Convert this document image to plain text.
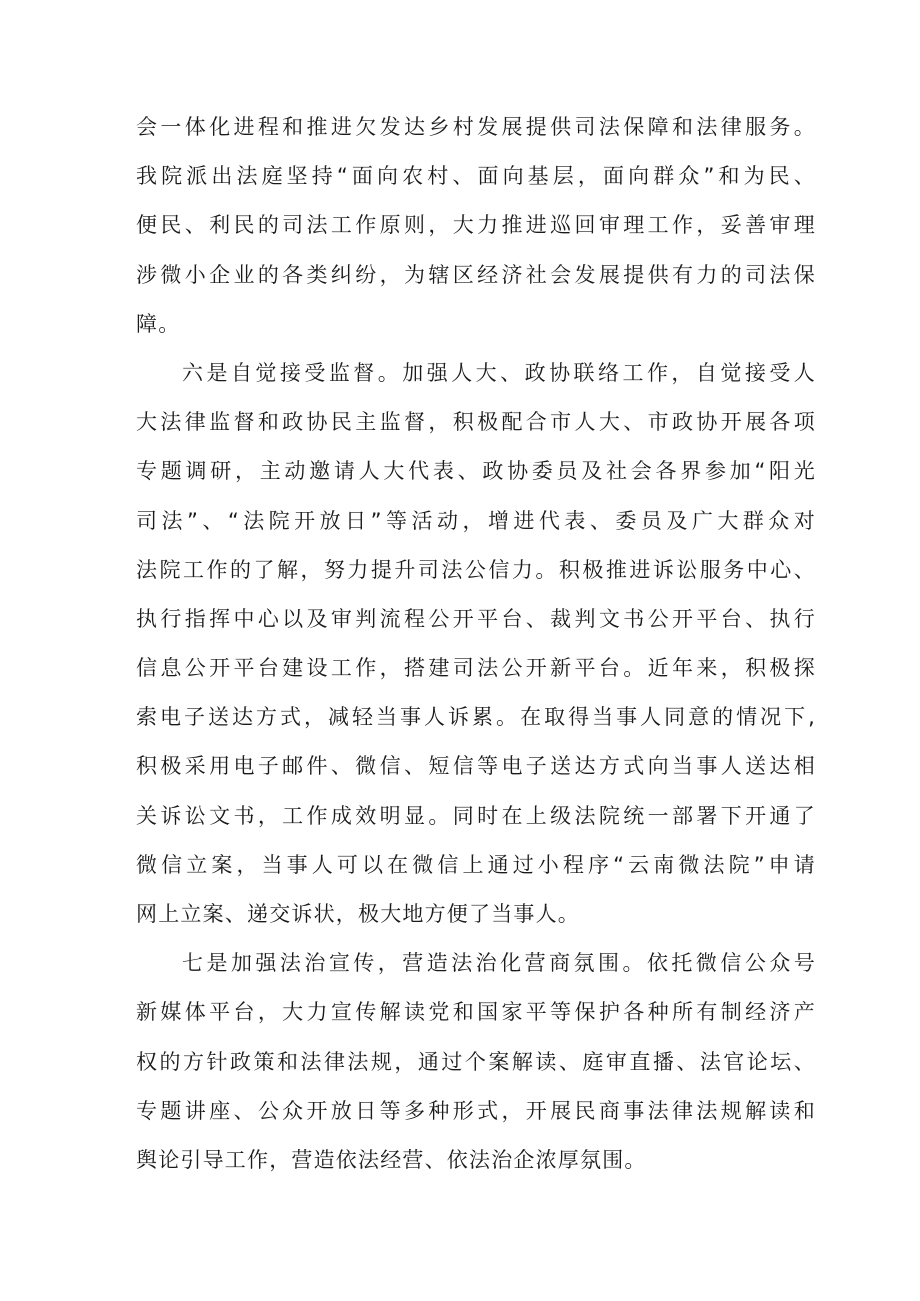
会一体化进程和推进欠发达乡村发展提供司法保障和法律服务。
我院派出法庭坚持“面向农村、面向基层，面向群众”和为民、
便民、利民的司法工作原则，大力推进巡回审理工作，妥善审理
涉微小企业的各类纠纷，为辖区经济社会发展提供有力的司法保
障。
六是自觉接受监督。加强人大、政协联络工作，自觉接受人
大法律监督和政协民主监督，积极配合市人大、市政协开展各项
专题调研，主动邀请人大代表、政协委员及社会各界参加“阳光
司法”、“法院开放日”等活动，增进代表、委员及广大群众对
法院工作的了解，努力提升司法公信力。积极推进诉讼服务中心、
执行指挥中心以及审判流程公开平台、裁判文书公开平台、执行
信息公开平台建设工作，搭建司法公开新平台。近年来，积极探
索电子送达方式，减轻当事人诉累。在取得当事人同意的情况下,
积极采用电子邮件、微信、短信等电子送达方式向当事人送达相
关诉讼文书，工作成效明显。同时在上级法院统一部署下开通了
微信立案，当事人可以在微信上通过小程序“云南微法院”申请
网上立案、递交诉状，极大地方便了当事人。
七是加强法治宣传，营造法治化营商氛围。依托微信公众号
新媒体平台，大力宣传解读党和国家平等保护各种所有制经济产
权的方针政策和法律法规，通过个案解读、庭审直播、法官论坛、
专题讲座、公众开放日等多种形式，开展民商事法律法规解读和
舆论引导工作，营造依法经营、依法治企浓厚氛围。
